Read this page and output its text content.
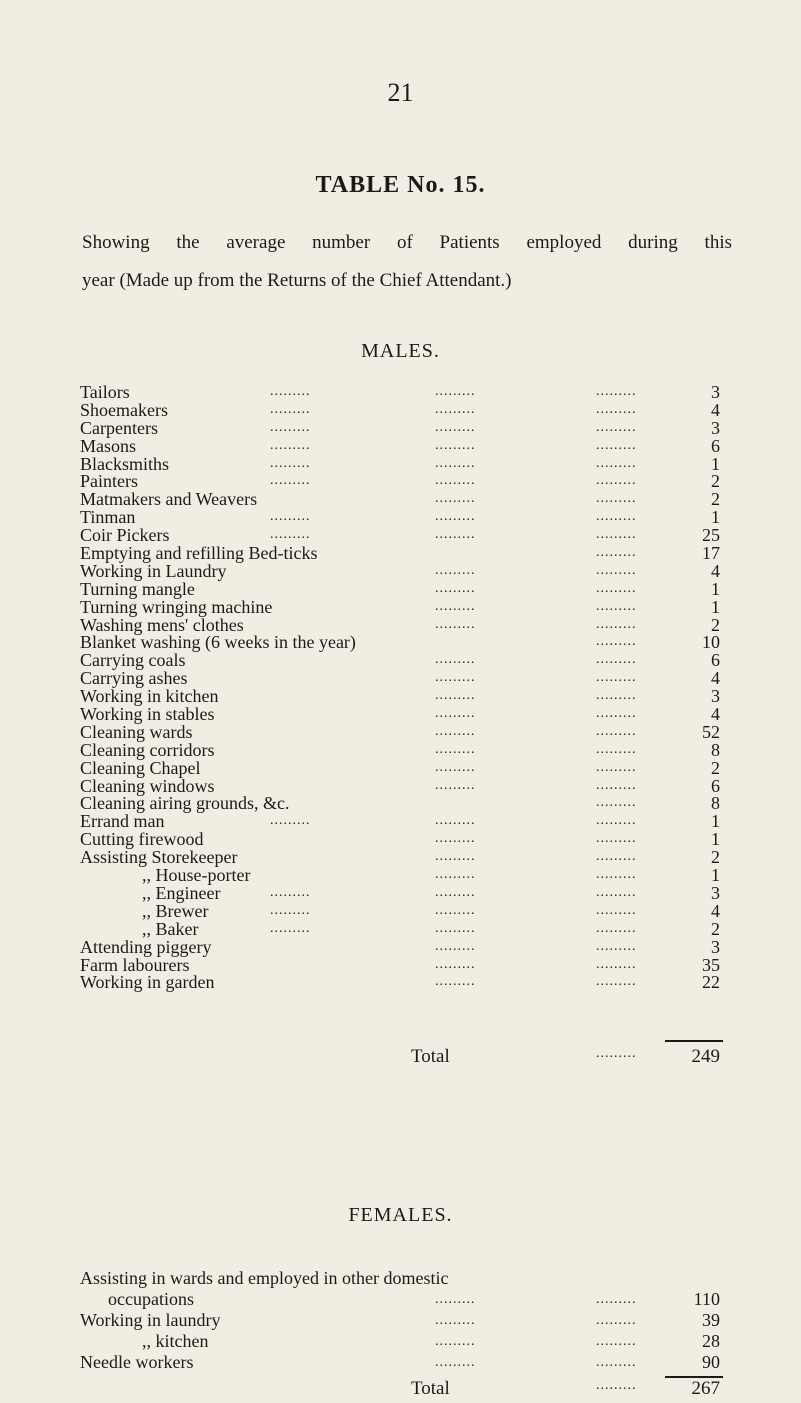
21
TABLE No. 15.
Showing the average number of Patients employed during this
year (Made up from the Returns of the Chief Attendant.)
MALES.
Tailors	.........	.........	.........	3
Shoemakers	.........	.........	.........	4
Carpenters	.........	.........	.........	3
Masons	.........	.........	.........	6
Blacksmiths	.........	.........	.........	1
Painters	.........	.........	.........	2
Matmakers and Weavers	.........	.........	2
Tinman	.........	.........	.........	1
Coir Pickers	.........	.........	.........	25
Emptying and refilling Bed-ticks	.........	17
Working in Laundry	.........	.........	4
Turning mangle	.........	.........	1
Turning wringing machine	.........	.........	1
Washing mens' clothes	.........	.........	2
Blanket washing (6 weeks in the year)	.........	10
Carrying coals	.........	.........	6
Carrying ashes	.........	.........	4
Working in kitchen	.........	.........	3
Working in stables	.........	.........	4
Cleaning wards	.........	.........	52
Cleaning corridors	.........	.........	8
Cleaning Chapel	.........	.........	2
Cleaning windows	.........	.........	6
Cleaning airing grounds, &c.	.........	8
Errand man	.........	.........	.........	1
Cutting firewood	.........	.........	1
Assisting Storekeeper	.........	.........	2
,, House-porter	.........	.........	1
,, Engineer	.........	.........	.........	3
,, Brewer	.........	.........	.........	4
,, Baker	.........	.........	.........	2
Attending piggery	.........	.........	3
Farm labourers	.........	.........	35
Working in garden	.........	.........	22
Total	.........	249
FEMALES.
Assisting in wards and employed in other domestic
occupations	.........	.........	110
Working in laundry	.........	.........	39
,, kitchen	.........	.........	28
Needle workers	.........	.........	90
Total	.........	267
